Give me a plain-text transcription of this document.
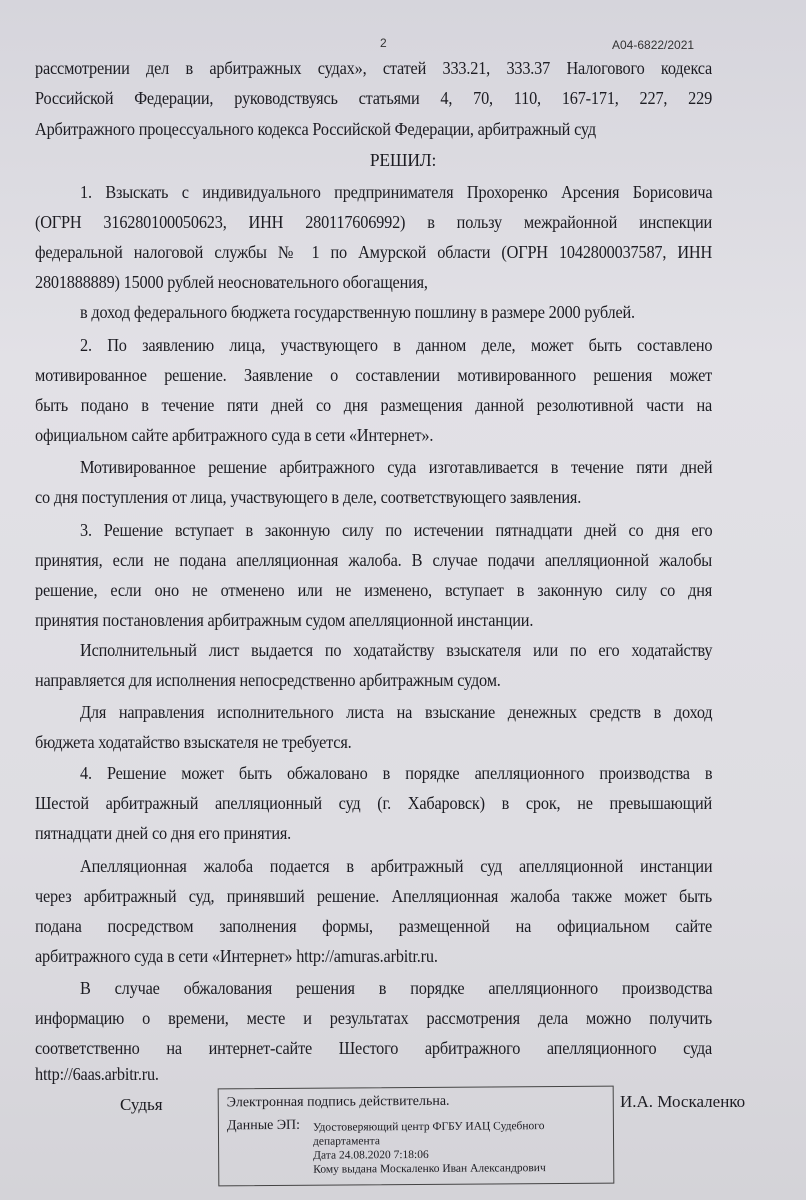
2	А04-6822/2021
рассмотрении дел в арбитражных судах», статей 333.21, 333.37 Налогового кодекса
Российской Федерации, руководствуясь статьями 4, 70, 110, 167-171, 227, 229
Арбитражного процессуального кодекса Российской Федерации, арбитражный суд
РЕШИЛ:
1. Взыскать с индивидуального предпринимателя Прохоренко Арсения Борисовича
(ОГРН 316280100050623, ИНН 280117606992) в пользу межрайонной инспекции
федеральной налоговой службы № 1 по Амурской области (ОГРН 1042800037587, ИНН
2801888889) 15000 рублей неосновательного обогащения,
в доход федерального бюджета государственную пошлину в размере 2000 рублей.
2. По заявлению лица, участвующего в данном деле, может быть составлено
мотивированное решение. Заявление о составлении мотивированного решения может
быть подано в течение пяти дней со дня размещения данной резолютивной части на
официальном сайте арбитражного суда в сети «Интернет».
Мотивированное решение арбитражного суда изготавливается в течение пяти дней
со дня поступления от лица, участвующего в деле, соответствующего заявления.
3. Решение вступает в законную силу по истечении пятнадцати дней со дня его
принятия, если не подана апелляционная жалоба. В случае подачи апелляционной жалобы
решение, если оно не отменено или не изменено, вступает в законную силу со дня
принятия постановления арбитражным судом апелляционной инстанции.
Исполнительный лист выдается по ходатайству взыскателя или по его ходатайству
направляется для исполнения непосредственно арбитражным судом.
Для направления исполнительного листа на взыскание денежных средств в доход
бюджета ходатайство взыскателя не требуется.
4. Решение может быть обжаловано в порядке апелляционного производства в
Шестой арбитражный апелляционный суд (г. Хабаровск) в срок, не превышающий
пятнадцати дней со дня его принятия.
Апелляционная жалоба подается в арбитражный суд апелляционной инстанции
через арбитражный суд, принявший решение. Апелляционная жалоба также может быть
подана посредством заполнения формы, размещенной на официальном сайте
арбитражного суда в сети «Интернет» http://amuras.arbitr.ru.
В случае обжалования решения в порядке апелляционного производства
информацию о времени, месте и результатах рассмотрения дела можно получить
соответственно на интернет-сайте Шестого арбитражного апелляционного суда
http://6aas.arbitr.ru.
Судья	Электронная подпись действительна.
Данные ЭП: Удостоверяющий центр ФГБУ ИАЦ Судебного
департамента
Дата 24.08.2020 7:18:06
Кому выдана Москаленко Иван Александрович
И.А. Москаленко
